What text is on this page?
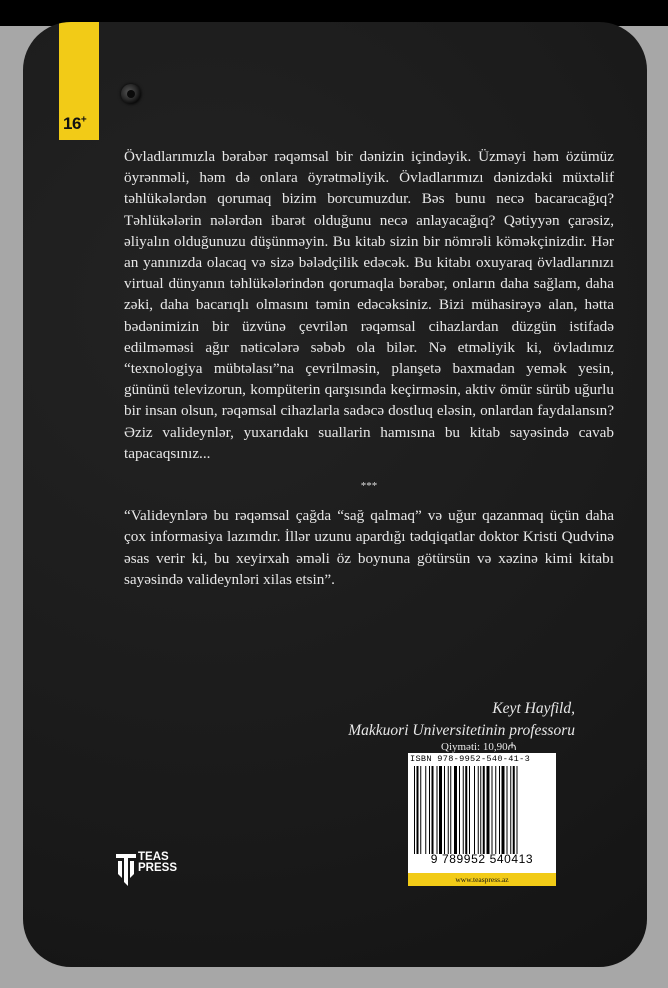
16+

Övladlarımızla bərabər rəqəmsal bir dənizin içindəyik. Üzməyi həm özümüz öyrənməli, həm də onlara öyrətməliyik. Övladlarımızı dənizdəki müxtəlif təhlükələrdən qorumaq bizim borcumuzdur. Bəs bunu necə bacaracağıq? Təhlükələrin nələrdən ibarət olduğunu necə anlayacağıq? Qətiyyən çarəsiz, əliyalın olduğunuzu düşünməyin. Bu kitab sizin bir nömrəli köməkçinizdir. Hər an yanınızda olacaq və sizə bələdçilik edəcək. Bu kitabı oxuyaraq övladlarınızı virtual dünyanın təhlükələrindən qorumaqla bərabər, onların daha sağlam, daha zəki, daha bacarıqlı olmasını təmin edəcəksiniz. Bizi mühasirəyə alan, hətta bədənimizin bir üzvünə çevrilən rəqəmsal cihazlardan düzgün istifadə edilməməsi ağır nəticələrə səbəb ola bilər. Nə etməliyik ki, övladımız “texnologiya mübtəlası”na çevrilməsin, planşetə baxmadan yemək yesin, gününü televizorun, kompüterin qarşısında keçirməsin, aktiv ömür sürüb uğurlu bir insan olsun, rəqəmsal cihazlarla sadəcə dostluq eləsin, onlardan faydalansın? Əziz valideynlər, yuxarıdakı suallarin hamısına bu kitab sayəsində cavab tapacaqsınız...

***

“Valideynlərə bu rəqəmsal çağda “sağ qalmaq” və uğur qazanmaq üçün daha çox informasiya lazımdır. İllər uzunu apardığı tədqiqatlar doktor Kristi Qudvinə əsas verir ki, bu xeyirxah əməli öz boynuna götürsün və xəzinə kimi kitabı sayəsində valideynləri xilas etsin”.

Keyt Hayfild,
Makkuori Universitetinin professoru
Qiymәti: 10,90₼
ISBN 978-9952-540-41-3
9 789952 540413
www.teaspress.az
TEAS
PRESS
